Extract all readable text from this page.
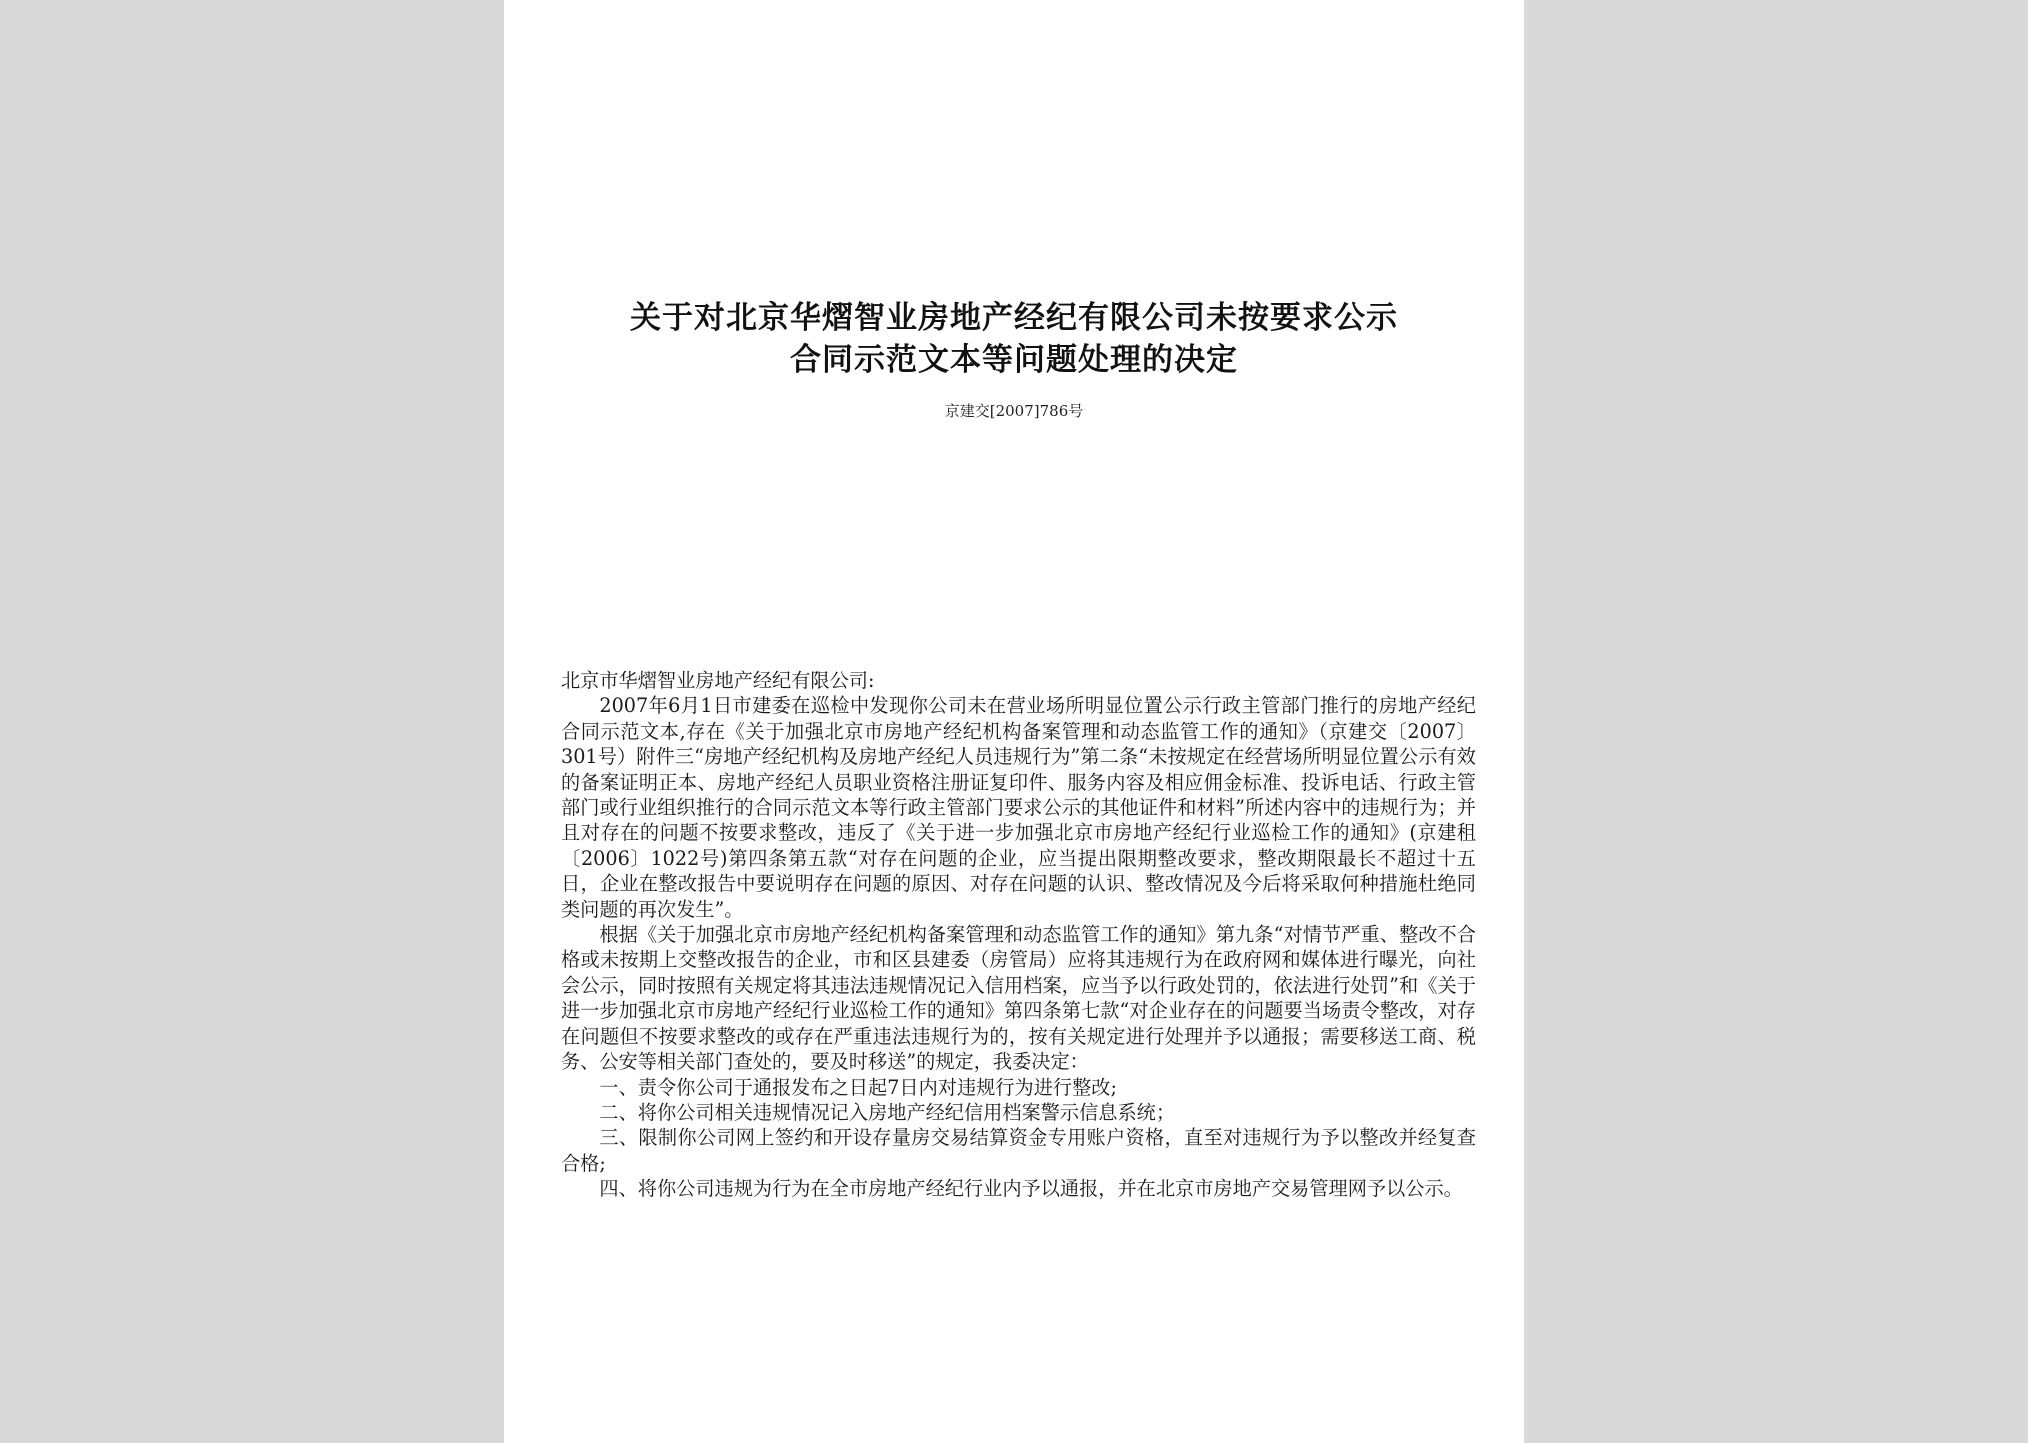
关于对北京华熠智业房地产经纪有限公司未按要求公示
合同示范文本等问题处理的决定
京建交[2007]786号

北京市华熠智业房地产经纪有限公司:

2007年6月1日市建委在巡检中发现你公司未在营业场所明显位置公示行政主管部门推行的房地产经纪合同示范文本,存在《关于加强北京市房地产经纪机构备案管理和动态监管工作的通知》（京建交〔2007〕301号）附件三“房地产经纪机构及房地产经纪人员违规行为”第二条“未按规定在经营场所明显位置公示有效的备案证明正本、房地产经纪人员职业资格注册证复印件、服务内容及相应佣金标准、投诉电话、行政主管部门或行业组织推行的合同示范文本等行政主管部门要求公示的其他证件和材料”所述内容中的违规行为；并且对存在的问题不按要求整改，违反了《关于进一步加强北京市房地产经纪行业巡检工作的通知》(京建租〔2006〕1022号)第四条第五款“对存在问题的企业，应当提出限期整改要求，整改期限最长不超过十五日，企业在整改报告中要说明存在问题的原因、对存在问题的认识、整改情况及今后将采取何种措施杜绝同类问题的再次发生”。

根据《关于加强北京市房地产经纪机构备案管理和动态监管工作的通知》第九条“对情节严重、整改不合格或未按期上交整改报告的企业，市和区县建委（房管局）应将其违规行为在政府网和媒体进行曝光，向社会公示，同时按照有关规定将其违法违规情况记入信用档案，应当予以行政处罚的，依法进行处罚”和《关于进一步加强北京市房地产经纪行业巡检工作的通知》第四条第七款“对企业存在的问题要当场责令整改，对存在问题但不按要求整改的或存在严重违法违规行为的，按有关规定进行处理并予以通报；需要移送工商、税务、公安等相关部门查处的，要及时移送”的规定，我委决定：

一、责令你公司于通报发布之日起7日内对违规行为进行整改;

二、将你公司相关违规情况记入房地产经纪信用档案警示信息系统；

三、限制你公司网上签约和开设存量房交易结算资金专用账户资格，直至对违规行为予以整改并经复查合格;

四、将你公司违规为行为在全市房地产经纪行业内予以通报，并在北京市房地产交易管理网予以公示。
